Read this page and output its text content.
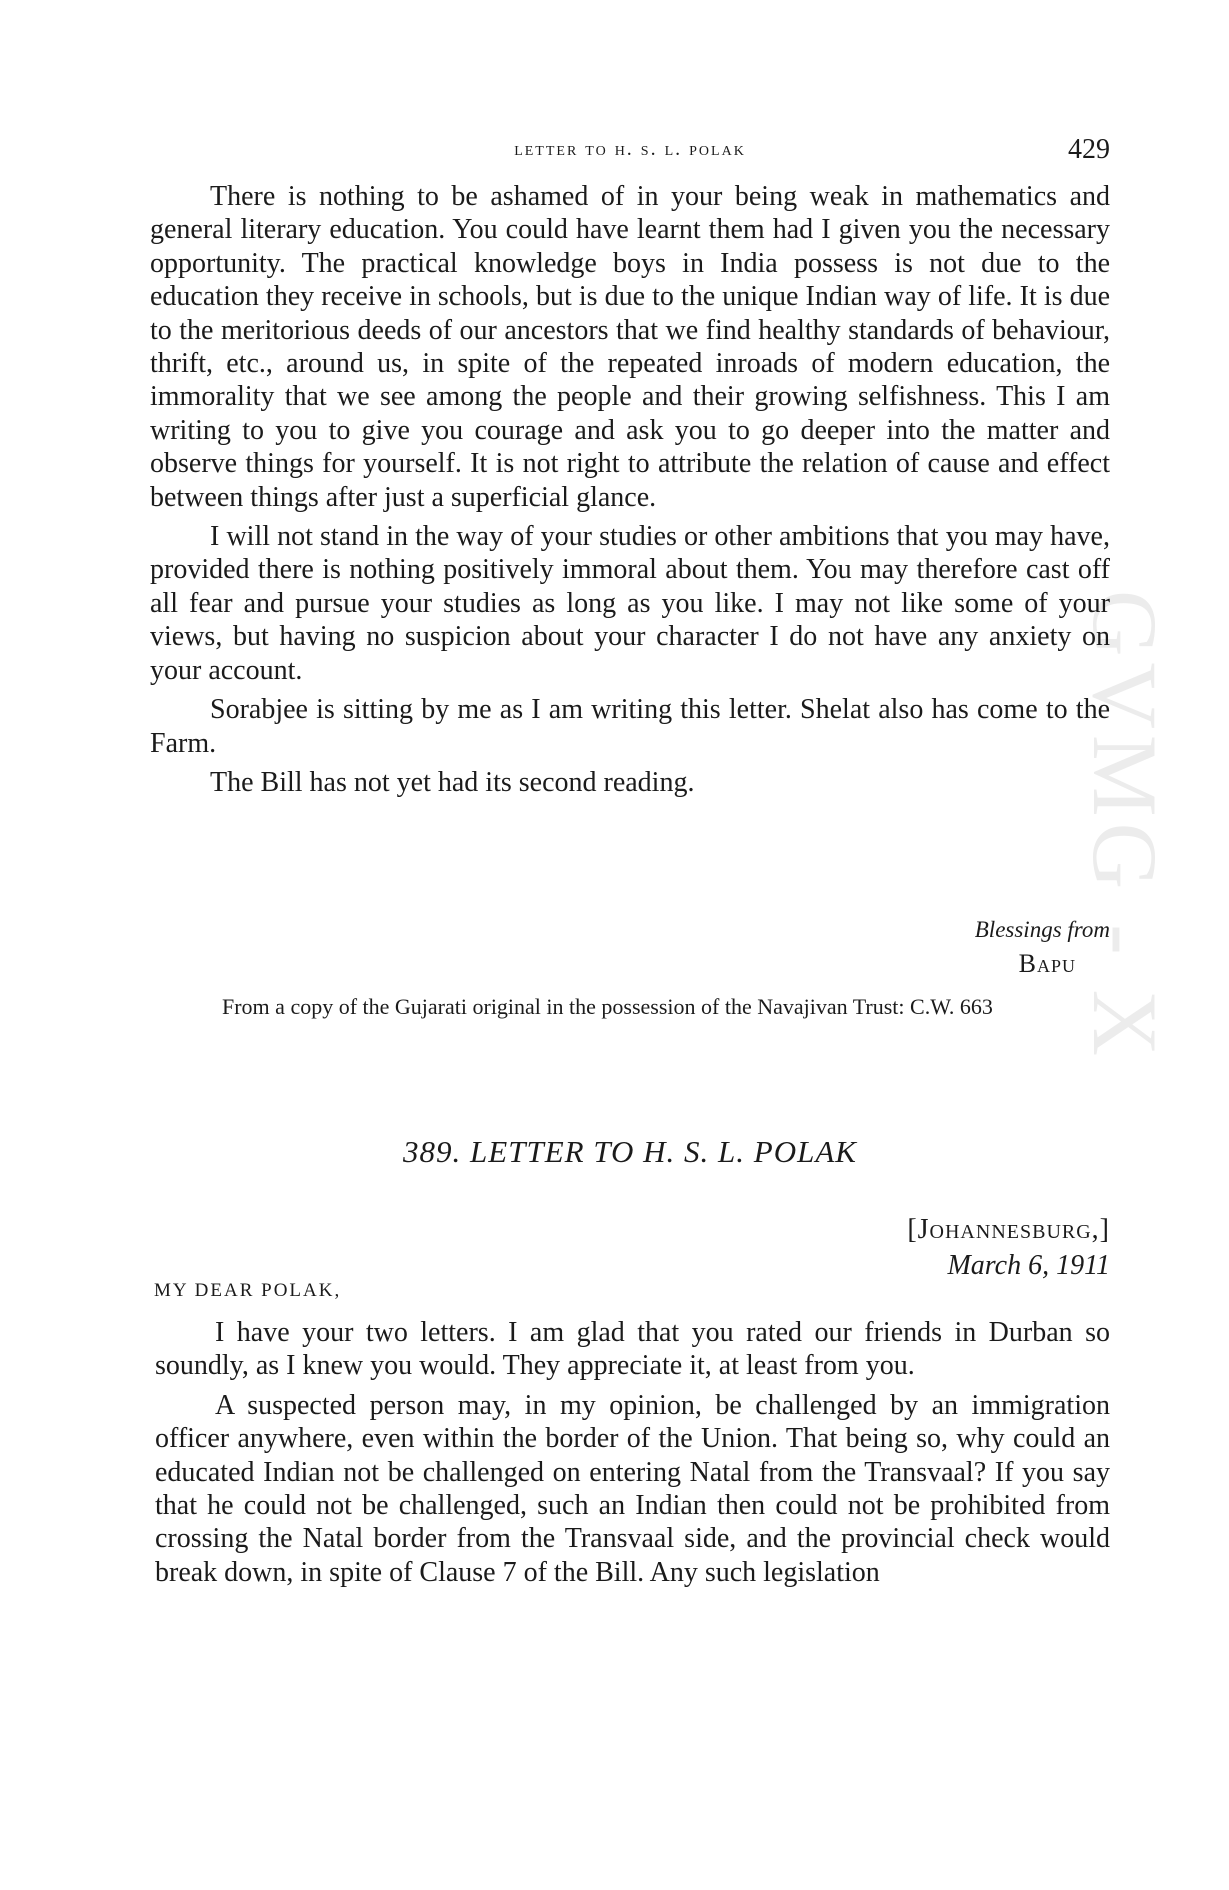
GVMG - X
letter to h. s. l. polak	429

There is nothing to be ashamed of in your being weak in mathematics and general literary education. You could have learnt them had I given you the necessary opportunity. The practical knowledge boys in India possess is not due to the education they receive in schools, but is due to the unique Indian way of life. It is due to the meritorious deeds of our ancestors that we find healthy standards of behaviour, thrift, etc., around us, in spite of the repeated inroads of modern education, the immorality that we see among the people and their growing selfishness. This I am writing to you to give you courage and ask you to go deeper into the matter and observe things for yourself. It is not right to attribute the relation of cause and effect between things after just a superficial glance.

I will not stand in the way of your studies or other ambitions that you may have, provided there is nothing positively immoral about them. You may therefore cast off all fear and pursue your studies as long as you like. I may not like some of your views, but having no suspicion about your character I do not have any anxiety on your account.

Sorabjee is sitting by me as I am writing this letter. Shelat also has come to the Farm.

The Bill has not yet had its second reading.

Blessings from
Bapu
From a copy of the Gujarati original in the possession of the Navajivan Trust: C.W. 663
389. LETTER TO H. S. L. POLAK
[Johannesburg,]
March 6, 1911
MY DEAR POLAK,

I have your two letters. I am glad that you rated our friends in Durban so soundly, as I knew you would. They appreciate it, at least from you.

A suspected person may, in my opinion, be challenged by an immigration officer anywhere, even within the border of the Union. That being so, why could an educated Indian not be challenged on entering Natal from the Transvaal? If you say that he could not be challenged, such an Indian then could not be prohibited from crossing the Natal border from the Transvaal side, and the provincial check would break down, in spite of Clause 7 of the Bill. Any such legislation
